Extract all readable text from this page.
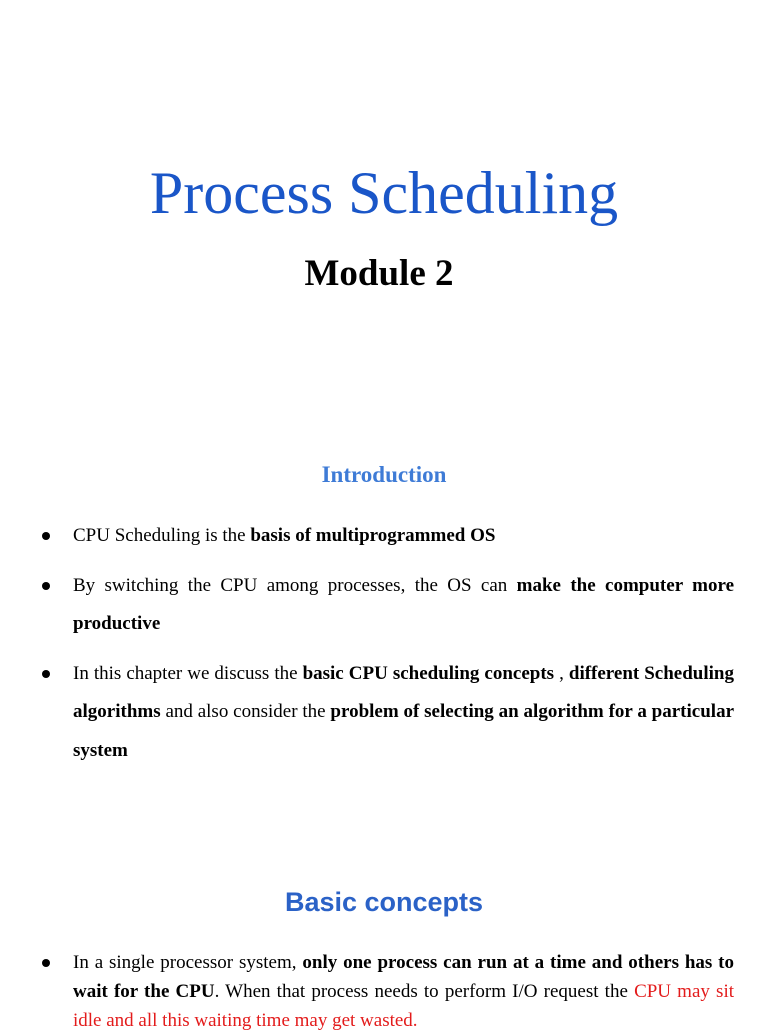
Process Scheduling
Module 2
Introduction
CPU Scheduling is the basis of multiprogrammed OS
By switching the CPU among processes, the OS can make the computer more productive
In this chapter we discuss the basic CPU scheduling concepts , different Scheduling algorithms and also consider the problem of selecting an algorithm for a particular system
Basic concepts
In a single processor system, only one process can run at a time and others has to wait for the CPU. When that process needs to perform I/O request the CPU may sit idle and all this waiting time may get wasted.
